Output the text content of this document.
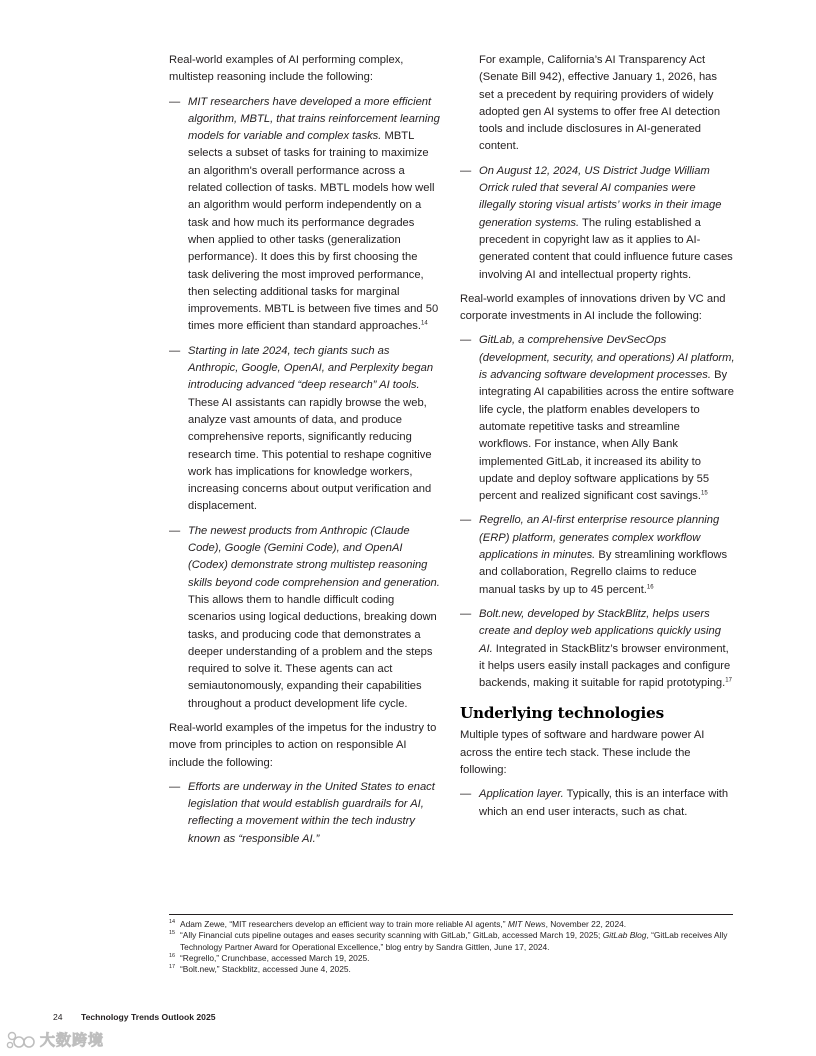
Real-world examples of AI performing complex, multistep reasoning include the following:

— MIT researchers have developed a more efficient algorithm, MBTL, that trains reinforcement learning models for variable and complex tasks. MBTL selects a subset of tasks for training to maximize an algorithm's overall performance across a related collection of tasks. MBTL models how well an algorithm would perform independently on a task and how much its performance degrades when applied to other tasks (generalization performance). It does this by first choosing the task delivering the most improved performance, then selecting additional tasks for marginal improvements. MBTL is between five times and 50 times more efficient than standard approaches.$^{14}$
— Starting in late 2024, tech giants such as Anthropic, Google, OpenAI, and Perplexity began introducing advanced “deep research” AI tools. These AI assistants can rapidly browse the web, analyze vast amounts of data, and produce comprehensive reports, significantly reducing research time. This potential to reshape cognitive work has implications for knowledge workers, increasing concerns about output verification and displacement.
— The newest products from Anthropic (Claude Code), Google (Gemini Code), and OpenAI (Codex) demonstrate strong multistep reasoning skills beyond code comprehension and generation. This allows them to handle difficult coding scenarios using logical deductions, breaking down tasks, and producing code that demonstrates a deeper understanding of a problem and the steps required to solve it. These agents can act semiautonomously, expanding their capabilities throughout a product development life cycle.

Real-world examples of the impetus for the industry to move from principles to action on responsible AI include the following:

— Efforts are underway in the United States to enact legislation that would establish guardrails for AI, reflecting a movement within the tech industry known as “responsible AI.”

For example, California’s AI Transparency Act (Senate Bill 942), effective January 1, 2026, has set a precedent by requiring providers of widely adopted gen AI systems to offer free AI detection tools and include disclosures in AI-generated content.

— On August 12, 2024, US District Judge William Orrick ruled that several AI companies were illegally storing visual artists’ works in their image generation systems. The ruling established a precedent in copyright law as it applies to AI-generated content that could influence future cases involving AI and intellectual property rights.

Real-world examples of innovations driven by VC and corporate investments in AI include the following:

— GitLab, a comprehensive DevSecOps (development, security, and operations) AI platform, is advancing software development processes. By integrating AI capabilities across the entire software life cycle, the platform enables developers to automate repetitive tasks and streamline workflows. For instance, when Ally Bank implemented GitLab, it increased its ability to update and deploy software applications by 55 percent and realized significant cost savings.$^{15}$
— Regrello, an AI-first enterprise resource planning (ERP) platform, generates complex workflow applications in minutes. By streamlining workflows and collaboration, Regrello claims to reduce manual tasks by up to 45 percent.$^{16}$
— Bolt.new, developed by StackBlitz, helps users create and deploy web applications quickly using AI. Integrated in StackBlitz’s browser environment, it helps users easily install packages and configure backends, making it suitable for rapid prototyping.$^{17}$
Underlying technologies

Multiple types of software and hardware power AI across the entire tech stack. These include the following:

— Application layer. Typically, this is an interface with which an end user interacts, such as chat.
14 Adam Zewe, “MIT researchers develop an efficient way to train more reliable AI agents,” MIT News, November 22, 2024.
15 “Ally Financial cuts pipeline outages and eases security scanning with GitLab,” GitLab, accessed March 19, 2025; GitLab Blog, “GitLab receives Ally Technology Partner Award for Operational Excellence,” blog entry by Sandra Gittlen, June 17, 2024.
16 “Regrello,” Crunchbase, accessed March 19, 2025.
17 “Bolt.new,” Stackblitz, accessed June 4, 2025.
24 Technology Trends Outlook 2025
大数跨境
